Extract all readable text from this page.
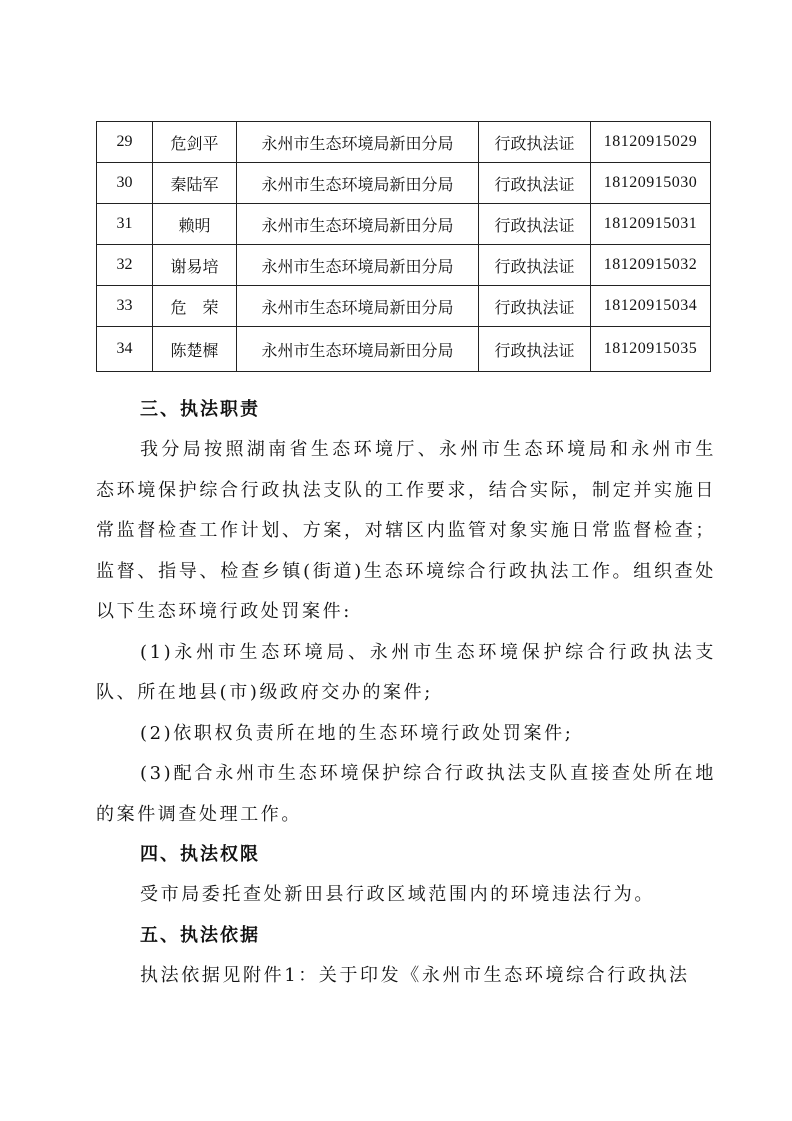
29	危剑平	永州市生态环境局新田分局	行政执法证	18120915029
30	秦陆军	永州市生态环境局新田分局	行政执法证	18120915030
31	赖明	永州市生态环境局新田分局	行政执法证	18120915031
32	谢易培	永州市生态环境局新田分局	行政执法证	18120915032
33	危　荣	永州市生态环境局新田分局	行政执法证	18120915034
34	陈楚樨	永州市生态环境局新田分局	行政执法证	18120915035

三、执法职责

我分局按照湖南省生态环境厅、永州市生态环境局和永州市生态环境保护综合行政执法支队的工作要求，结合实际，制定并实施日常监督检查工作计划、方案，对辖区内监管对象实施日常监督检查；监督、指导、检查乡镇(街道)生态环境综合行政执法工作。组织查处以下生态环境行政处罚案件:

(1)永州市生态环境局、永州市生态环境保护综合行政执法支队、所在地县(市)级政府交办的案件;

(2)依职权负责所在地的生态环境行政处罚案件;

(3)配合永州市生态环境保护综合行政执法支队直接查处所在地的案件调查处理工作。

四、执法权限

受市局委托查处新田县行政区域范围内的环境违法行为。

五、执法依据

执法依据见附件1：关于印发《永州市生态环境综合行政执法
